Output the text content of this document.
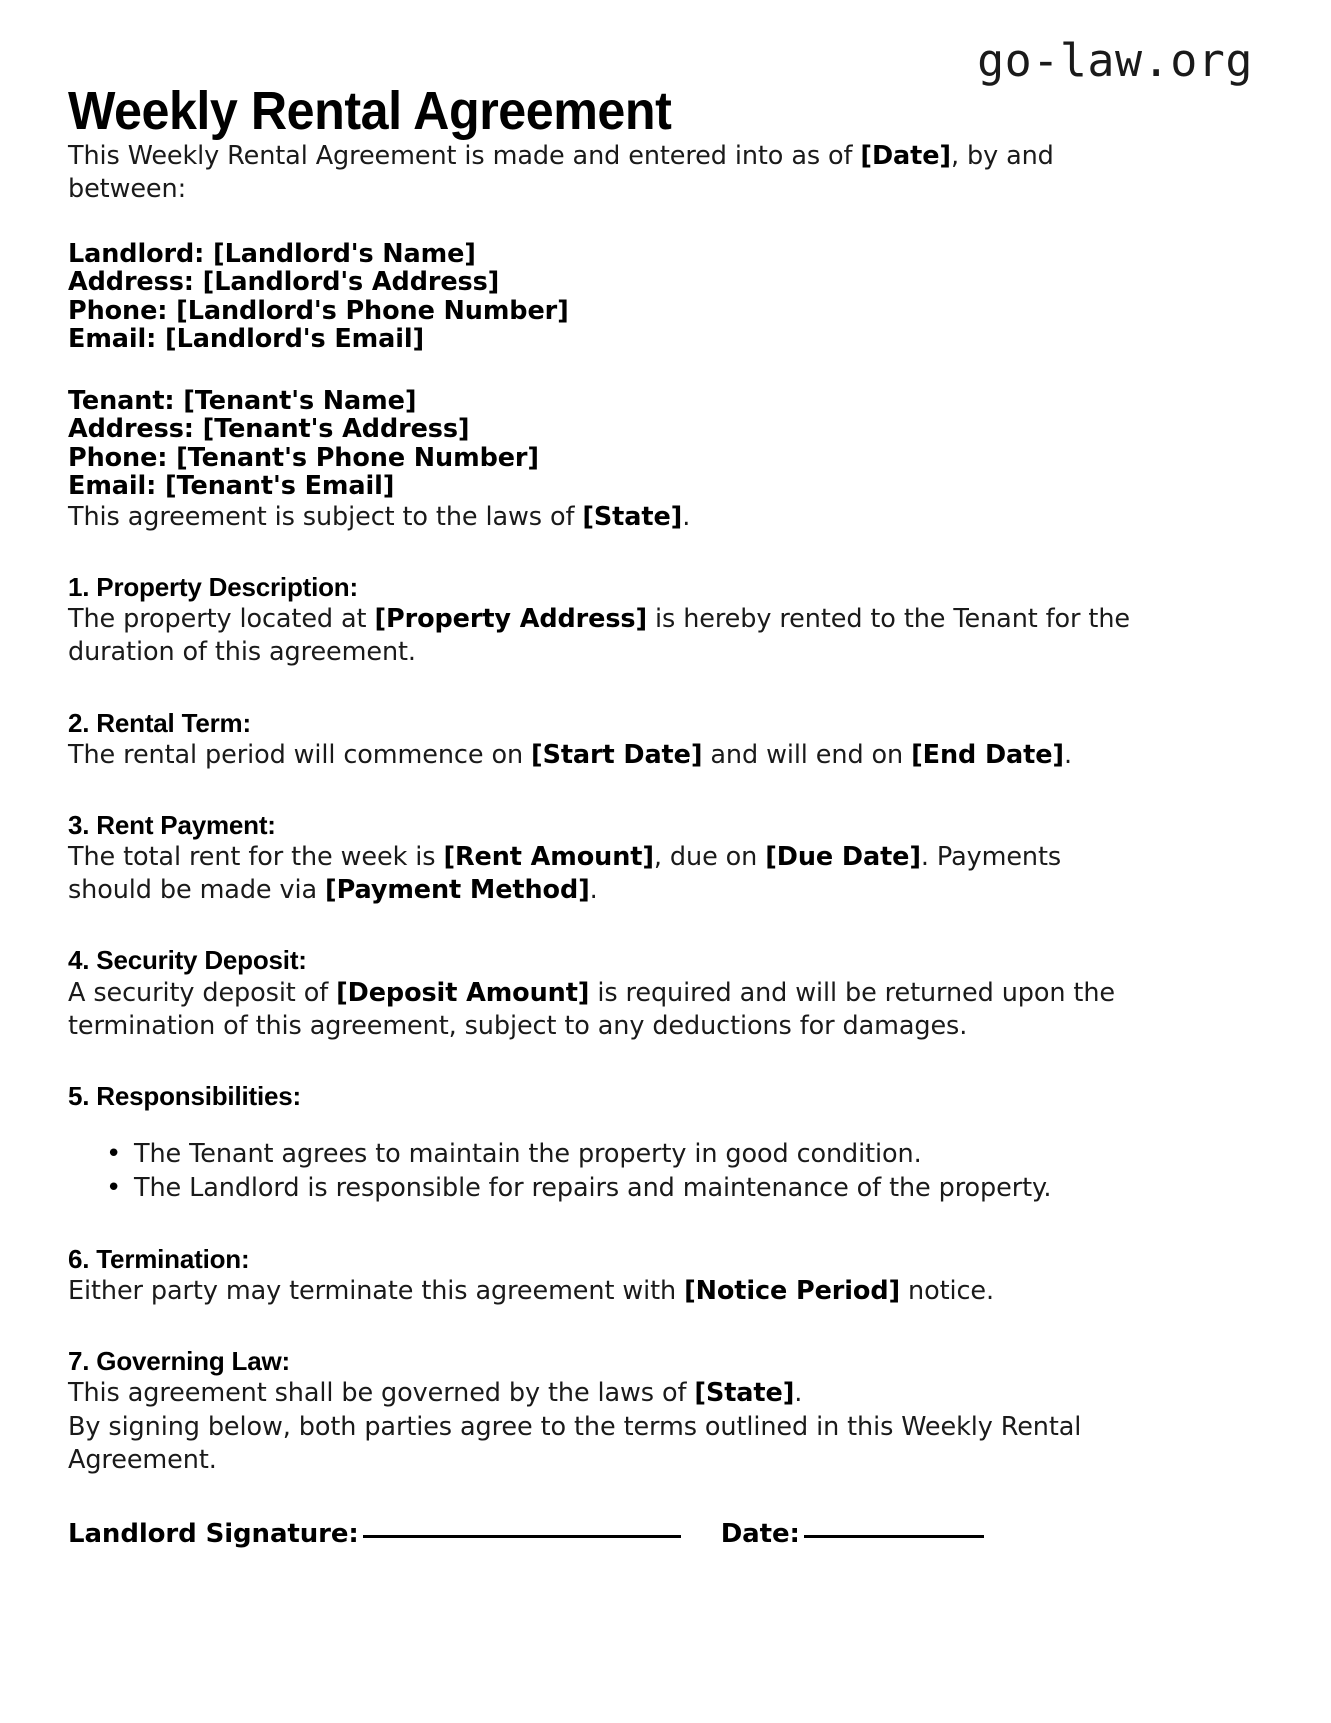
go-law.org
Weekly Rental Agreement

This Weekly Rental Agreement is made and entered into as of [Date], by and between:

Landlord: [Landlord's Name]
Address: [Landlord's Address]
Phone: [Landlord's Phone Number]
Email: [Landlord's Email]
Tenant: [Tenant's Name]
Address: [Tenant's Address]
Phone: [Tenant's Phone Number]
Email: [Tenant's Email]

This agreement is subject to the laws of [State].

1. Property Description:

The property located at [Property Address] is hereby rented to the Tenant for the duration of this agreement.

2. Rental Term:

The rental period will commence on [Start Date] and will end on [End Date].

3. Rent Payment:

The total rent for the week is [Rent Amount], due on [Due Date]. Payments should be made via [Payment Method].

4. Security Deposit:

A security deposit of [Deposit Amount] is required and will be returned upon the termination of this agreement, subject to any deductions for damages.

5. Responsibilities:
• The Tenant agrees to maintain the property in good condition.
• The Landlord is responsible for repairs and maintenance of the property.
6. Termination:

Either party may terminate this agreement with [Notice Period] notice.

7. Governing Law:

This agreement shall be governed by the laws of [State].

By signing below, both parties agree to the terms outlined in this Weekly Rental Agreement.

Landlord Signature:	Date:
